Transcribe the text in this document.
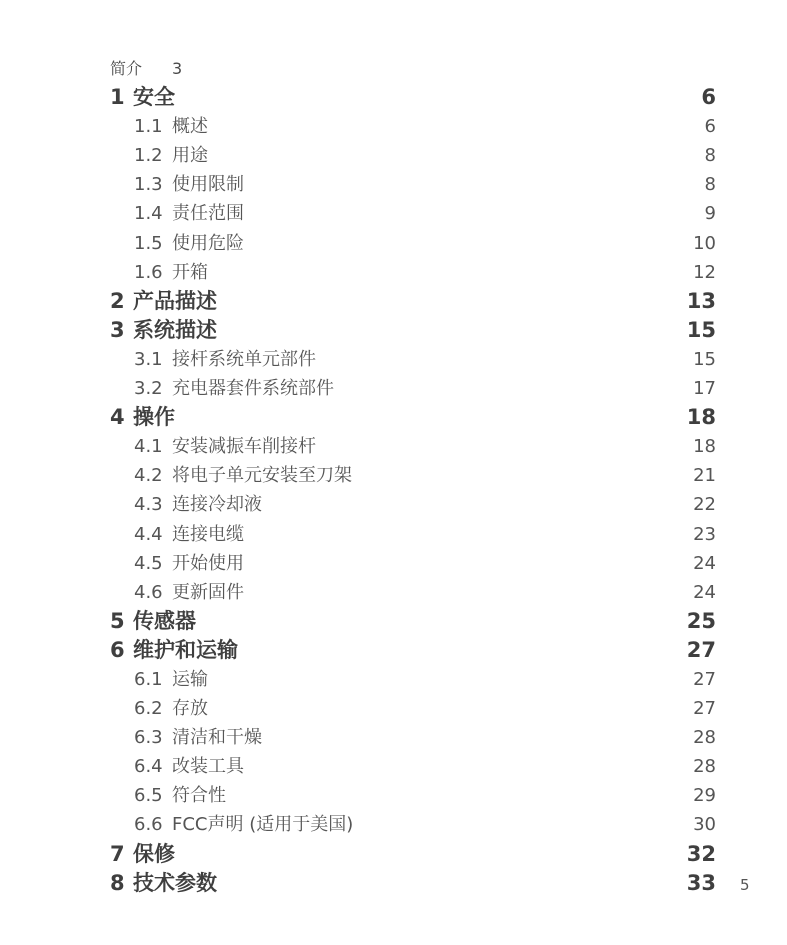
简介 3
1 安全	6
1.1 概述	6
1.2 用途	8
1.3 使用限制	8
1.4 责任范围	9
1.5 使用危险	10
1.6 开箱	12
2 产品描述	13
3 系统描述	15
3.1 接杆系统单元部件	15
3.2 充电器套件系统部件	17
4 操作	18
4.1 安装减振车削接杆	18
4.2 将电子单元安装至刀架	21
4.3 连接冷却液	22
4.4 连接电缆	23
4.5 开始使用	24
4.6 更新固件	24
5 传感器	25
6 维护和运输	27
6.1 运输	27
6.2 存放	27
6.3 清洁和干燥	28
6.4 改装工具	28
6.5 符合性	29
6.6 FCC声明 (适用于美国)	30
7 保修	32
8 技术参数	33 5
